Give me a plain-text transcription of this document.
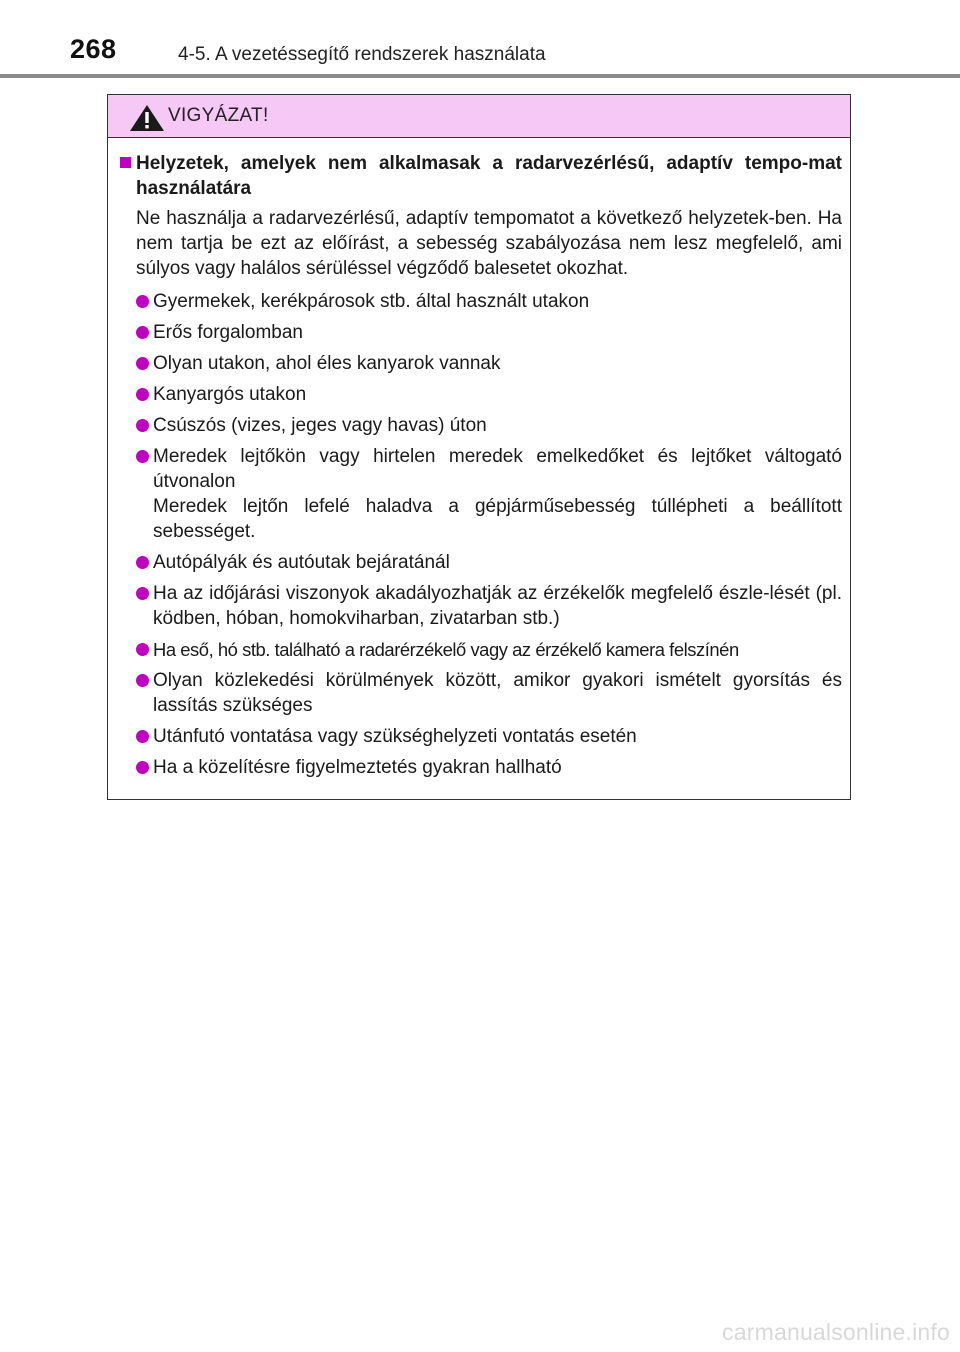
268	4-5. A vezetéssegítő rendszerek használata
VIGYÁZAT!
Helyzetek, amelyek nem alkalmasak a radarvezérlésű, adaptív tempo-mat használatára
Ne használja a radarvezérlésű, adaptív tempomatot a következő helyzetek-ben. Ha nem tartja be ezt az előírást, a sebesség szabályozása nem lesz megfelelő, ami súlyos vagy halálos sérüléssel végződő balesetet okozhat.
Gyermekek, kerékpárosok stb. által használt utakon
Erős forgalomban
Olyan utakon, ahol éles kanyarok vannak
Kanyargós utakon
Csúszós (vizes, jeges vagy havas) úton
Meredek lejtőkön vagy hirtelen meredek emelkedőket és lejtőket váltogató útvonalon
Meredek lejtőn lefelé haladva a gépjárműsebesség túllépheti a beállított sebességet.
Autópályák és autóutak bejáratánál
Ha az időjárási viszonyok akadályozhatják az érzékelők megfelelő észle-lését (pl. ködben, hóban, homokviharban, zivatarban stb.)
Ha eső, hó stb. található a radarérzékelő vagy az érzékelő kamera felszínén
Olyan közlekedési körülmények között, amikor gyakori ismételt gyorsítás és lassítás szükséges
Utánfutó vontatása vagy szükséghelyzeti vontatás esetén
Ha a közelítésre figyelmeztetés gyakran hallható
carmanualsonline.info
